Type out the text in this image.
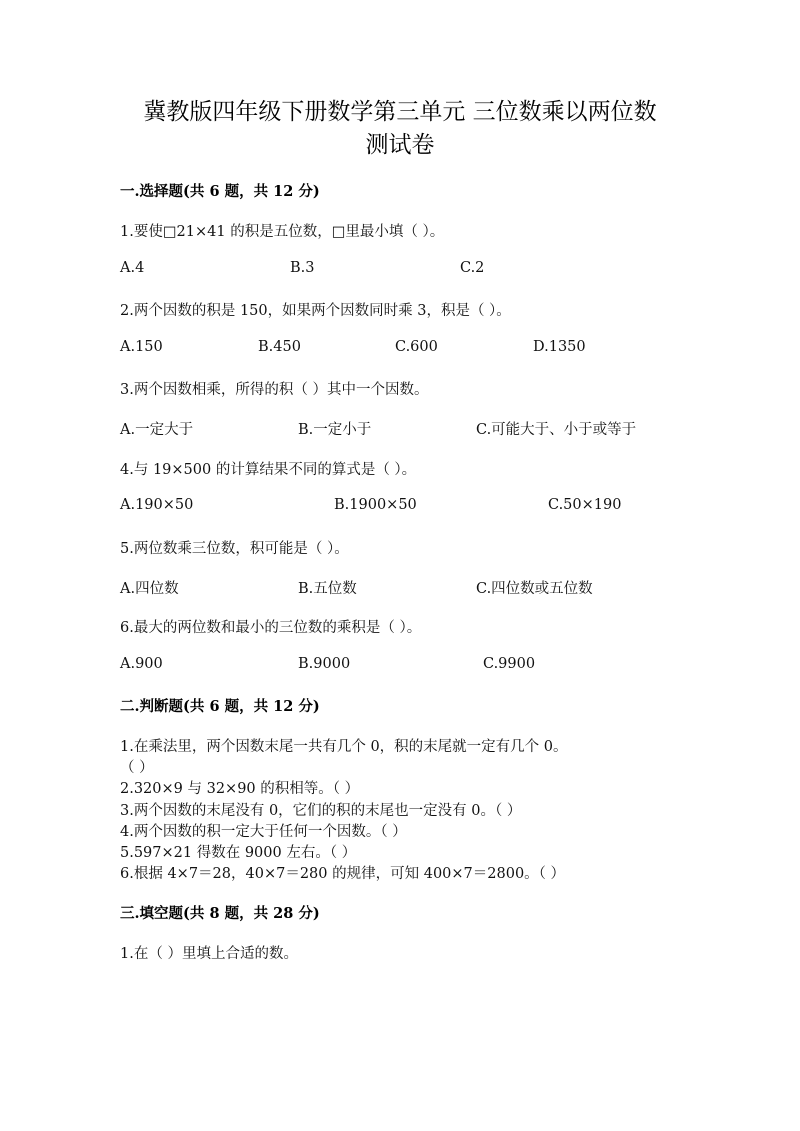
冀教版四年级下册数学第三单元 三位数乘以两位数
测试卷
一.选择题(共 6 题，共 12 分)
1.要使□21×41 的积是五位数，□里最小填（ ）。
A.4	B.3	C.2
2.两个因数的积是 150，如果两个因数同时乘 3，积是（ ）。
A.150	B.450	C.600	D.1350
3.两个因数相乘，所得的积（ ）其中一个因数。
A.一定大于	B.一定小于	C.可能大于、小于或等于
4.与 19×500 的计算结果不同的算式是（ ）。
A.190×50	B.1900×50	C.50×190
5.两位数乘三位数，积可能是（ ）。
A.四位数	B.五位数	C.四位数或五位数
6.最大的两位数和最小的三位数的乘积是（ ）。
A.900	B.9000	C.9900
二.判断题(共 6 题，共 12 分)
1.在乘法里，两个因数末尾一共有几个 0，积的末尾就一定有几个 0。
（ ）
2.320×9 与 32×90 的积相等。（ ）
3.两个因数的末尾没有 0，它们的积的末尾也一定没有 0。（ ）
4.两个因数的积一定大于任何一个因数。（ ）
5.597×21 得数在 9000 左右。（ ）
6.根据 4×7＝28，40×7＝280 的规律，可知 400×7＝2800。（ ）
三.填空题(共 8 题，共 28 分)
1.在（ ）里填上合适的数。
